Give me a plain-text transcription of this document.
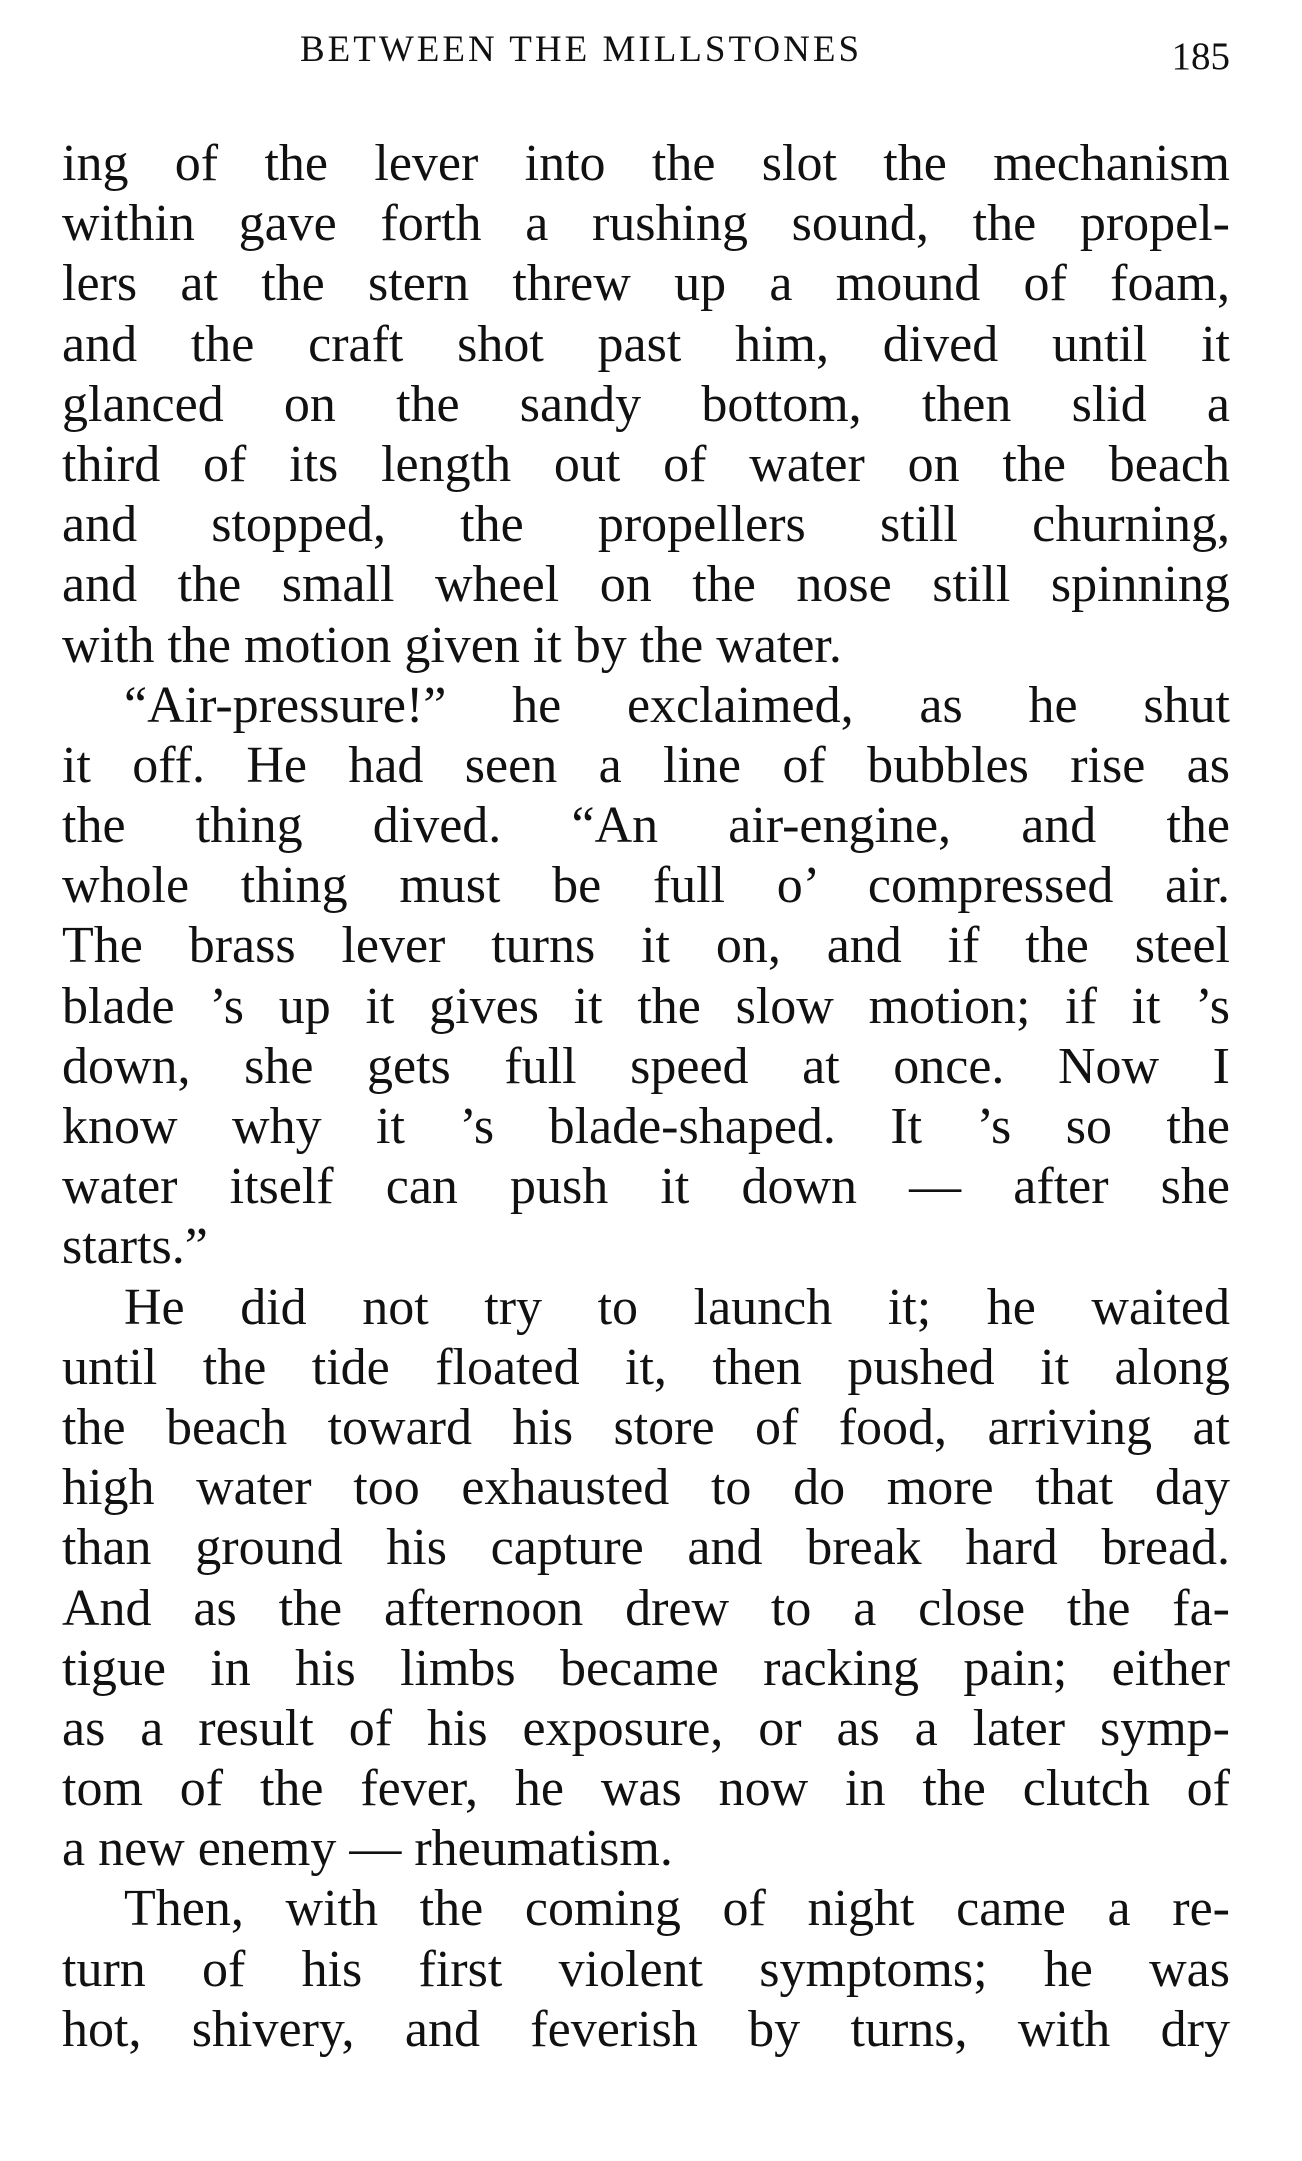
BETWEEN THE MILLSTONES	185
ing of the lever into the slot the mechanism
within gave forth a rushing sound, the propel-
lers at the stern threw up a mound of foam,
and the craft shot past him, dived until it
glanced on the sandy bottom, then slid a
third of its length out of water on the beach
and stopped, the propellers still churning,
and the small wheel on the nose still spinning
with the motion given it by the water.
“Air-pressure!” he exclaimed, as he shut
it off. He had seen a line of bubbles rise as
the thing dived. “An air-engine, and the
whole thing must be full o’ compressed air.
The brass lever turns it on, and if the steel
blade ’s up it gives it the slow motion; if it ’s
down, she gets full speed at once. Now I
know why it ’s blade-shaped. It ’s so the
water itself can push it down — after she
starts.”
He did not try to launch it; he waited
until the tide floated it, then pushed it along
the beach toward his store of food, arriving at
high water too exhausted to do more that day
than ground his capture and break hard bread.
And as the afternoon drew to a close the fa-
tigue in his limbs became racking pain; either
as a result of his exposure, or as a later symp-
tom of the fever, he was now in the clutch of
a new enemy — rheumatism.
Then, with the coming of night came a re-
turn of his first violent symptoms; he was
hot, shivery, and feverish by turns, with dry
